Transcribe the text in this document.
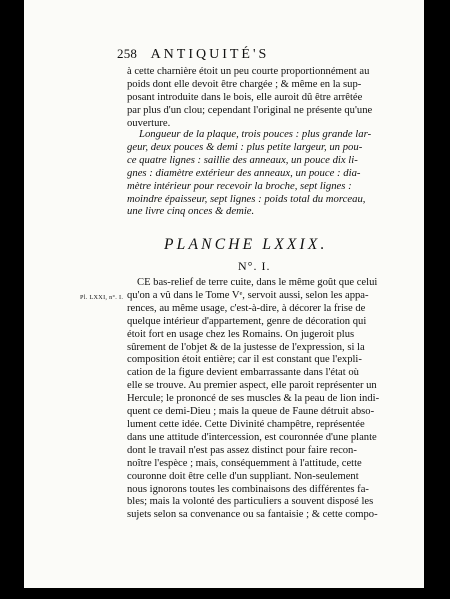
258 ANTIQUITÉ'S
à cette charnière étoit un peu courte proportionnément au
poids dont elle devoit être chargée ; & même en la sup-
posant introduite dans le bois, elle auroit dû être arrêtée
par plus d'un clou; cependant l'original ne présente qu'une
ouverture.
Longueur de la plaque, trois pouces : plus grande lar-
geur, deux pouces & demi : plus petite largeur, un pou-
ce quatre lignes : saillie des anneaux, un pouce dix li-
gnes : diamètre extérieur des anneaux, un pouce : dia-
mètre intérieur pour recevoir la broche, sept lignes :
moindre épaisseur, sept lignes : poids total du morceau,
une livre cinq onces & demie.
PLANCHE LXXIX.
N°. I.
Pl. LXXI, n°. I.
CE bas-relief de terre cuite, dans le même goût que celui
qu'on a vû dans le Tome Vᵉ, servoit aussi, selon les appa-
rences, au même usage, c'est-à-dire, à décorer la frise de
quelque intérieur d'appartement, genre de décoration qui
étoit fort en usage chez les Romains. On jugeroit plus
sûrement de l'objet & de la justesse de l'expression, si la
composition étoit entière; car il est constant que l'expli-
cation de la figure devient embarrassante dans l'état où
elle se trouve. Au premier aspect, elle paroit représenter un
Hercule; le prononcé de ses muscles & la peau de lion indi-
quent ce demi-Dieu ; mais la queue de Faune détruit abso-
lument cette idée. Cette Divinité champêtre, représentée
dans une attitude d'intercession, est couronnée d'une plante
dont le travail n'est pas assez distinct pour faire recon-
noître l'espèce ; mais, conséquemment à l'attitude, cette
couronne doit être celle d'un suppliant. Non-seulement
nous ignorons toutes les combinaisons des différentes fa-
bles; mais la volonté des particuliers a souvent disposé les
sujets selon sa convenance ou sa fantaisie ; & cette compo-
